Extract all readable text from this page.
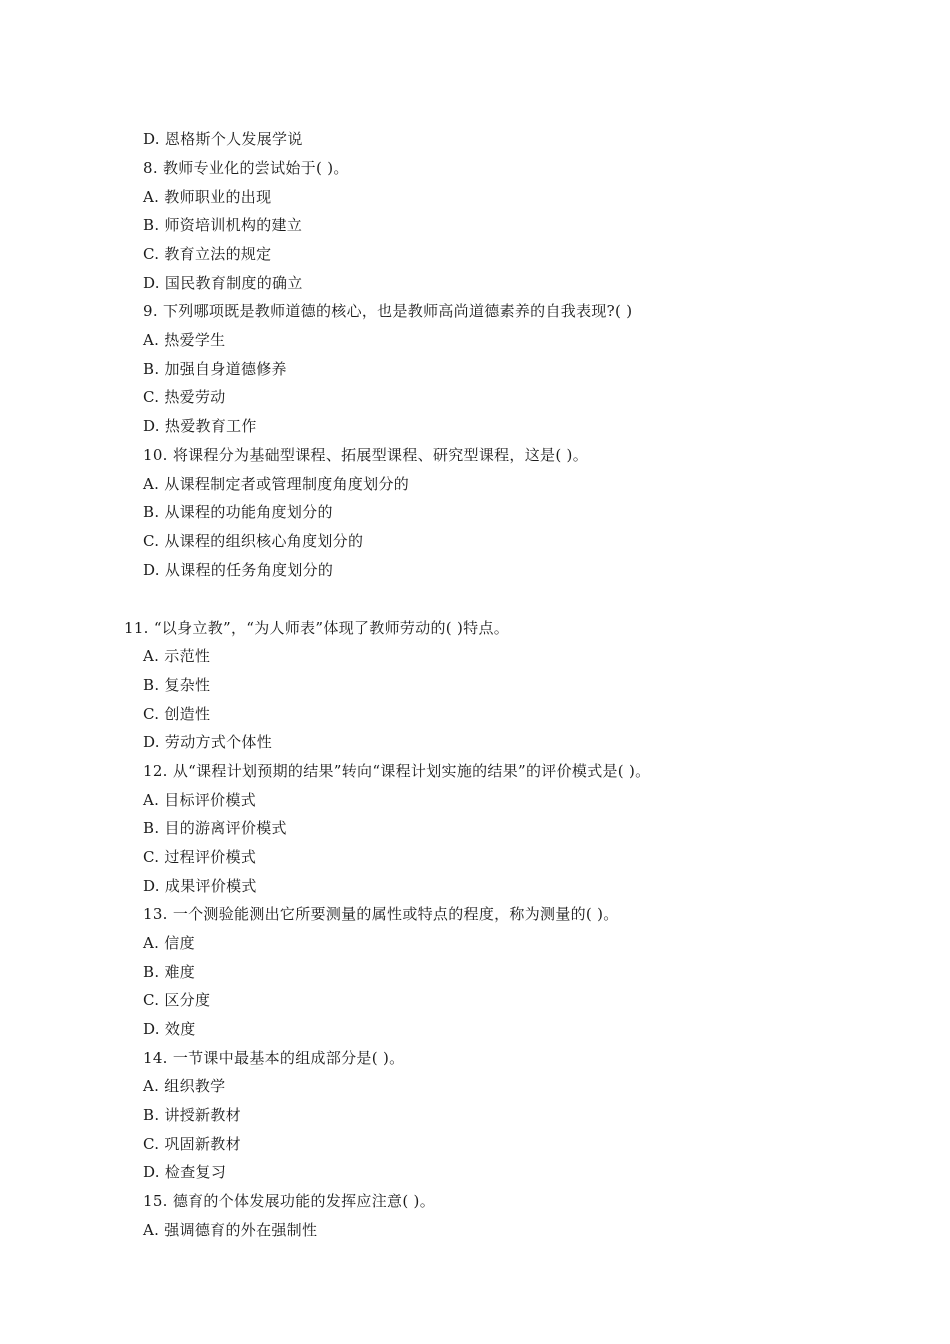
D. 恩格斯个人发展学说
8. 教师专业化的尝试始于( )。
A. 教师职业的出现
B. 师资培训机构的建立
C. 教育立法的规定
D. 国民教育制度的确立
9. 下列哪项既是教师道德的核心，也是教师高尚道德素养的自我表现?( )
A. 热爱学生
B. 加强自身道德修养
C. 热爱劳动
D. 热爱教育工作
10. 将课程分为基础型课程、拓展型课程、研究型课程，这是( )。
A. 从课程制定者或管理制度角度划分的
B. 从课程的功能角度划分的
C. 从课程的组织核心角度划分的
D. 从课程的任务角度划分的
11. “以身立教”，“为人师表”体现了教师劳动的( )特点。
A. 示范性
B. 复杂性
C. 创造性
D. 劳动方式个体性
12. 从“课程计划预期的结果”转向“课程计划实施的结果”的评价模式是( )。
A. 目标评价模式
B. 目的游离评价模式
C. 过程评价模式
D. 成果评价模式
13. 一个测验能测出它所要测量的属性或特点的程度，称为测量的( )。
A. 信度
B. 难度
C. 区分度
D. 效度
14. 一节课中最基本的组成部分是( )。
A. 组织教学
B. 讲授新教材
C. 巩固新教材
D. 检查复习
15. 德育的个体发展功能的发挥应注意( )。
A. 强调德育的外在强制性
